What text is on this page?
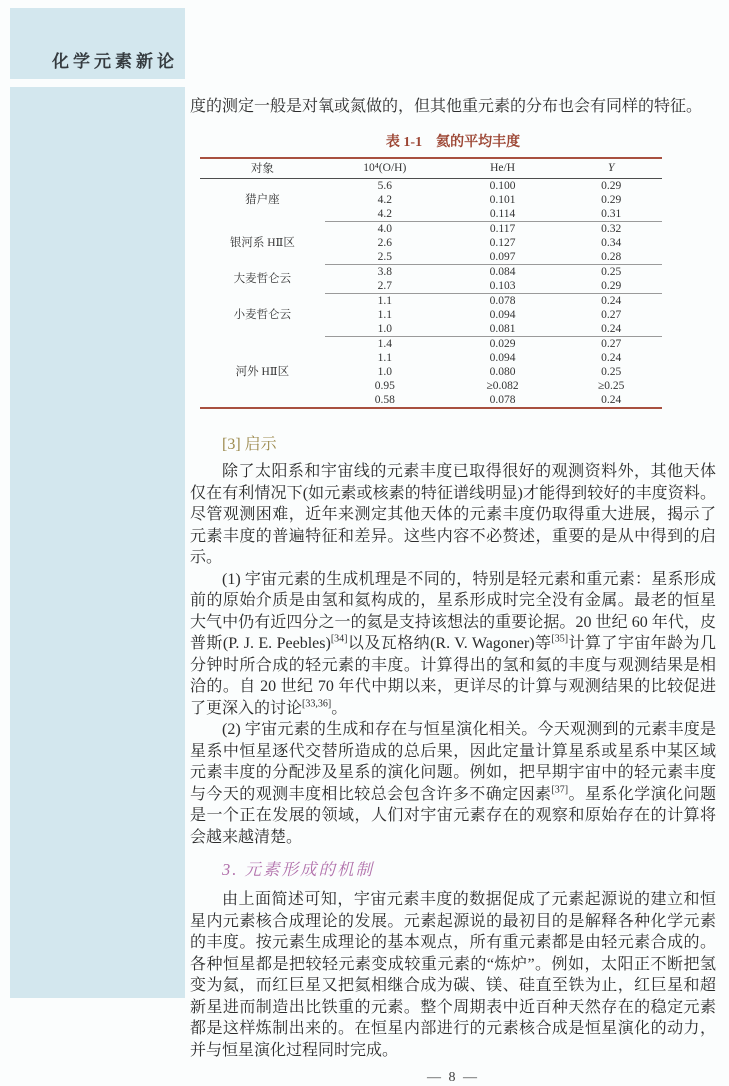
化学元素新论

度的测定一般是对氧或氮做的，但其他重元素的分布也会有同样的特征。

表 1-1 氦的平均丰度
对象	10⁴(O/H)	He/H	Y
猎户座	5.6	0.100	0.29
	4.2	0.101	0.29
	4.2	0.114	0.31
银河系 HⅡ区	4.0	0.117	0.32
	2.6	0.127	0.34
	2.5	0.097	0.28
大麦哲仑云	3.8	0.084	0.25
	2.7	0.103	0.29
小麦哲仑云	1.1	0.078	0.24
	1.1	0.094	0.27
	1.0	0.081	0.24
河外 HⅡ区	1.4	0.029	0.27
	1.1	0.094	0.24
	1.0	0.080	0.25
	0.95	≥0.082	≥0.25
	0.58	0.078	0.24
[3] 启示

除了太阳系和宇宙线的元素丰度已取得很好的观测资料外，其他天体仅在有利情况下(如元素或核素的特征谱线明显)才能得到较好的丰度资料。尽管观测困难，近年来测定其他天体的元素丰度仍取得重大进展，揭示了元素丰度的普遍特征和差异。这些内容不必赘述，重要的是从中得到的启示。

(1) 宇宙元素的生成机理是不同的，特别是轻元素和重元素：星系形成前的原始介质是由氢和氦构成的，星系形成时完全没有金属。最老的恒星大气中仍有近四分之一的氦是支持该想法的重要论据。20 世纪 60 年代，皮普斯(P. J. E. Peebles)[34]以及瓦格纳(R. V. Wagoner)等[35]计算了宇宙年龄为几分钟时所合成的轻元素的丰度。计算得出的氢和氦的丰度与观测结果是相洽的。自 20 世纪 70 年代中期以来，更详尽的计算与观测结果的比较促进了更深入的讨论[33,36]。

(2) 宇宙元素的生成和存在与恒星演化相关。今天观测到的元素丰度是星系中恒星逐代交替所造成的总后果，因此定量计算星系或星系中某区域元素丰度的分配涉及星系的演化问题。例如，把早期宇宙中的轻元素丰度与今天的观测丰度相比较总会包含许多不确定因素[37]。星系化学演化问题是一个正在发展的领域，人们对宇宙元素存在的观察和原始存在的计算将会越来越清楚。

3. 元素形成的机制

由上面简述可知，宇宙元素丰度的数据促成了元素起源说的建立和恒星内元素核合成理论的发展。元素起源说的最初目的是解释各种化学元素的丰度。按元素生成理论的基本观点，所有重元素都是由轻元素合成的。各种恒星都是把较轻元素变成较重元素的“炼炉”。例如，太阳正不断把氢变为氦，而红巨星又把氦相继合成为碳、镁、硅直至铁为止，红巨星和超新星进而制造出比铁重的元素。整个周期表中近百种天然存在的稳定元素都是这样炼制出来的。在恒星内部进行的元素核合成是恒星演化的动力，并与恒星演化过程同时完成。

— 8 —
